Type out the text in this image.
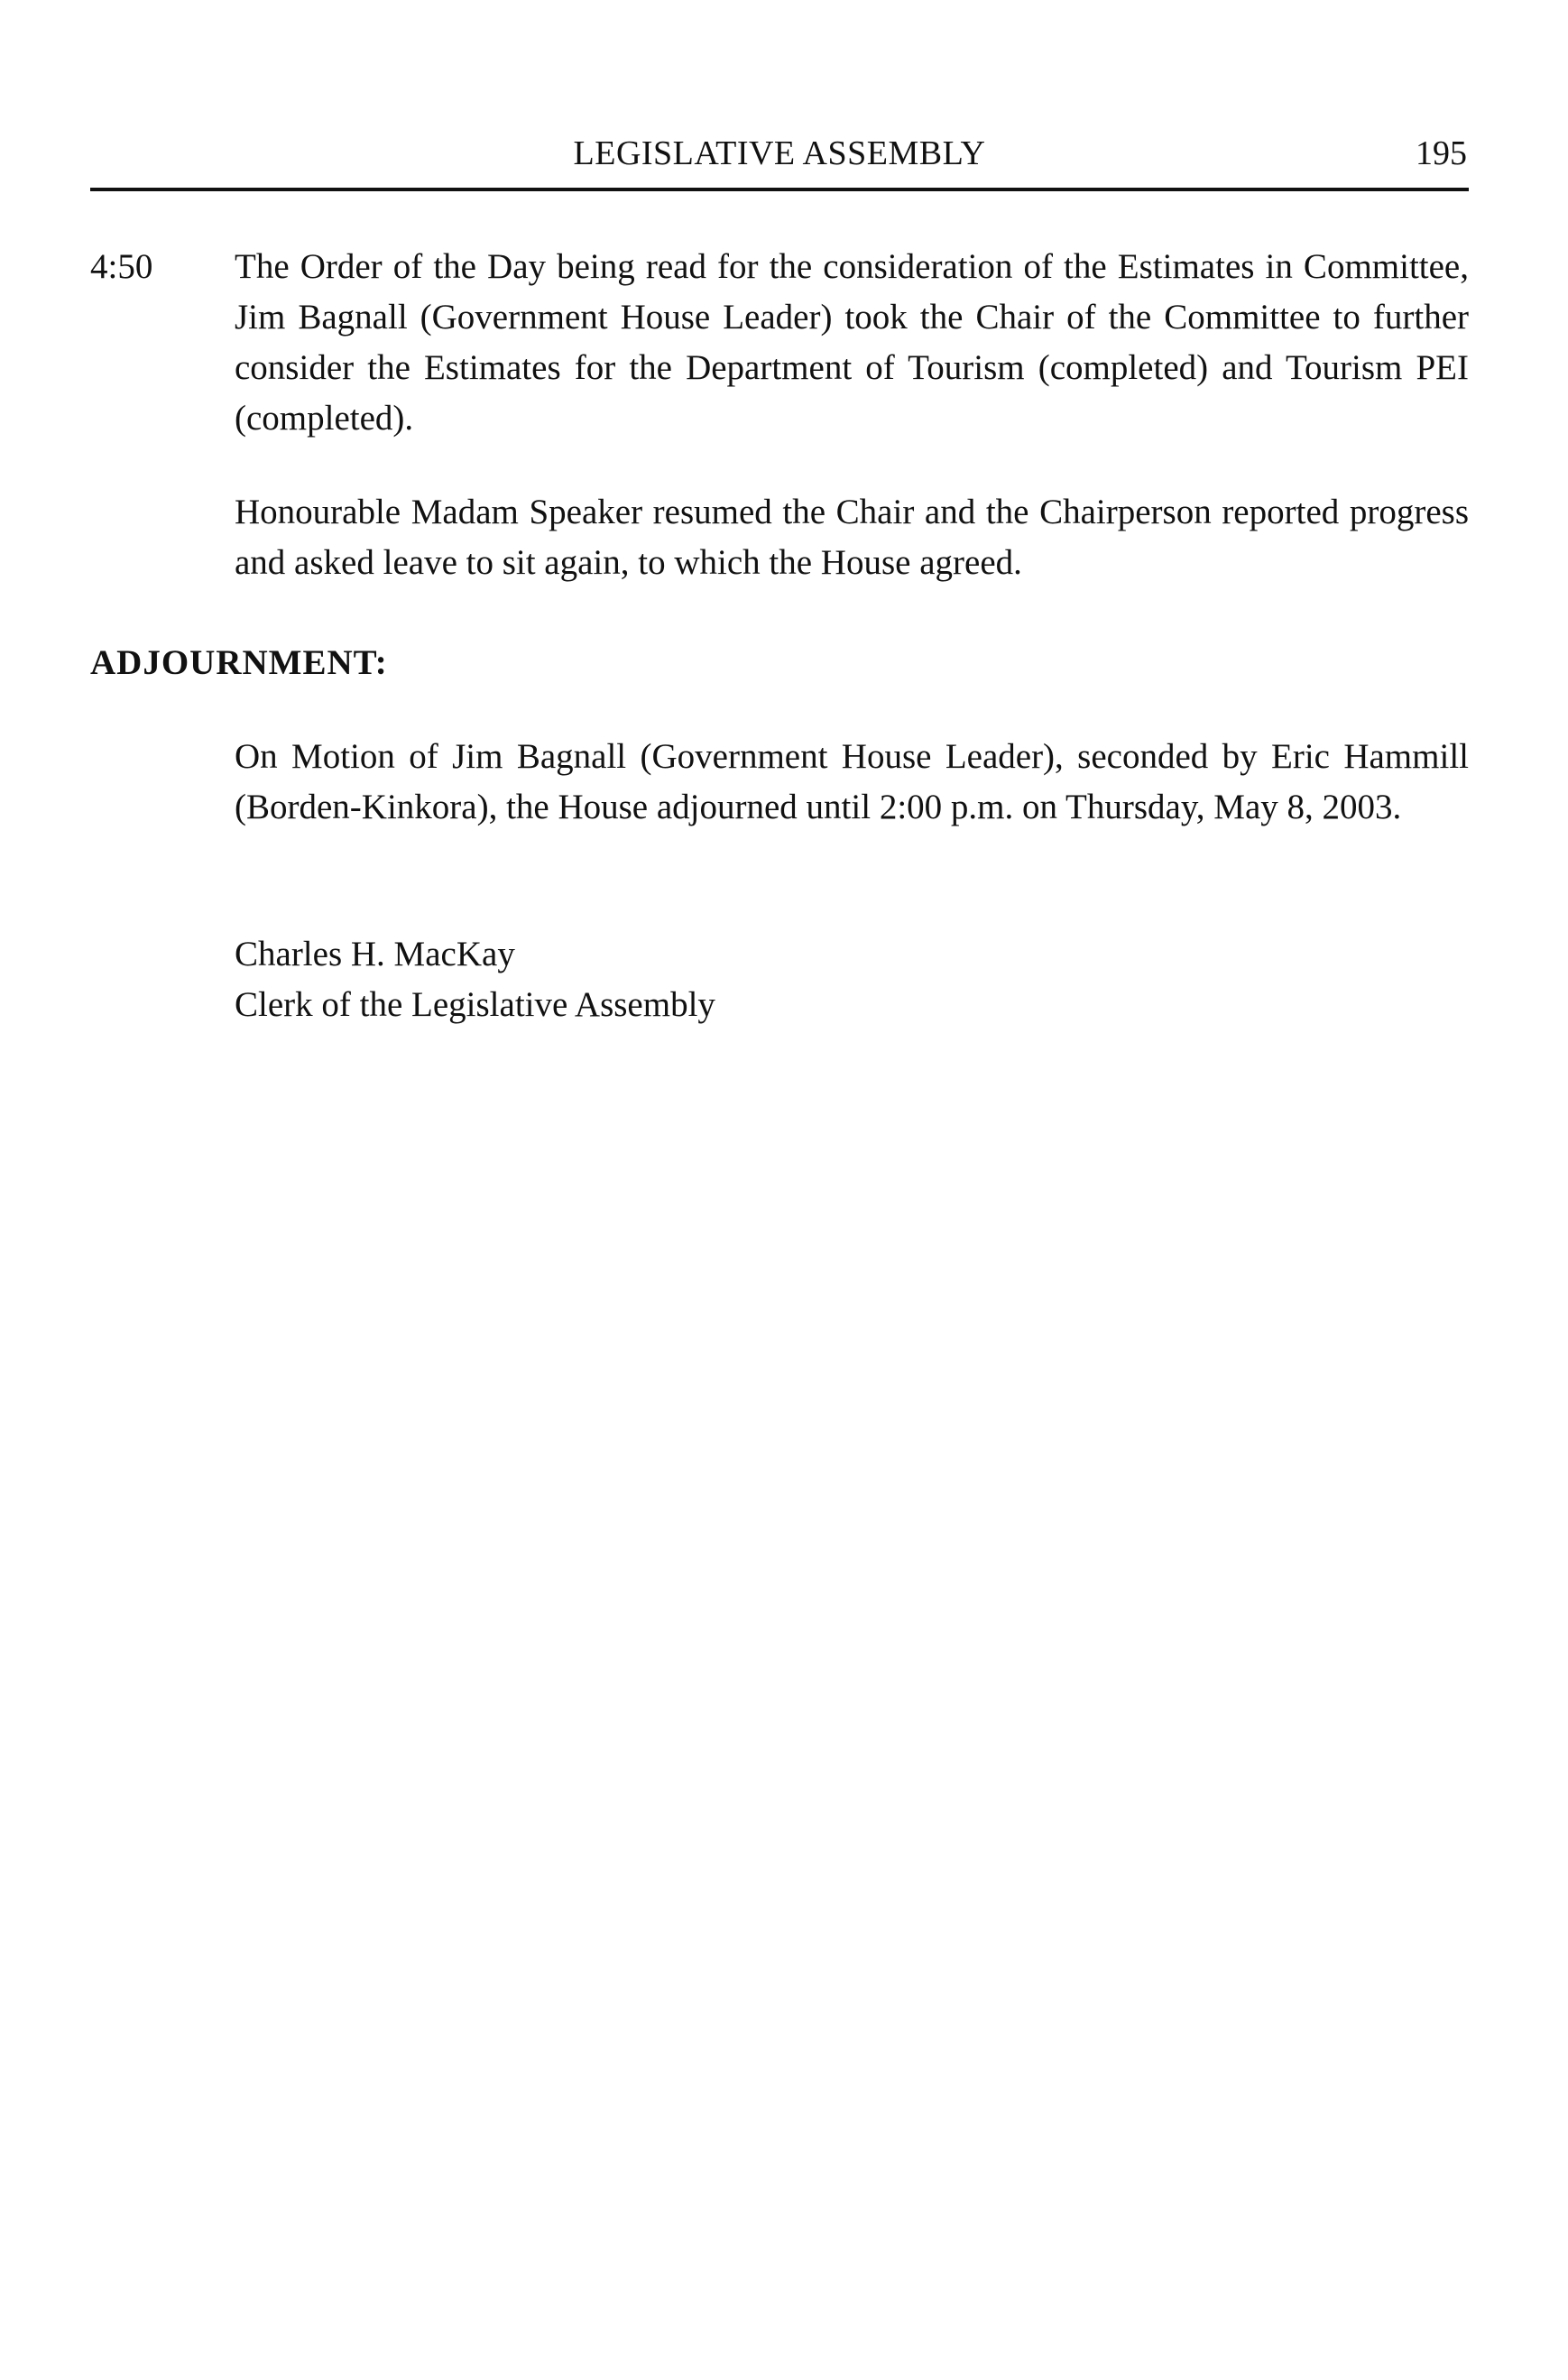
LEGISLATIVE ASSEMBLY	195
4:50 The Order of the Day being read for the consideration of the Estimates in Committee, Jim Bagnall (Government House Leader) took the Chair of the Committee to further consider the Estimates for the Department of Tourism (completed) and Tourism PEI (completed).

Honourable Madam Speaker resumed the Chair and the Chairperson reported progress and asked leave to sit again, to which the House agreed.

ADJOURNMENT:

On Motion of Jim Bagnall (Government House Leader), seconded by Eric Hammill (Borden-Kinkora), the House adjourned until 2:00 p.m. on Thursday, May 8, 2003.

Charles H. MacKay
Clerk of the Legislative Assembly
